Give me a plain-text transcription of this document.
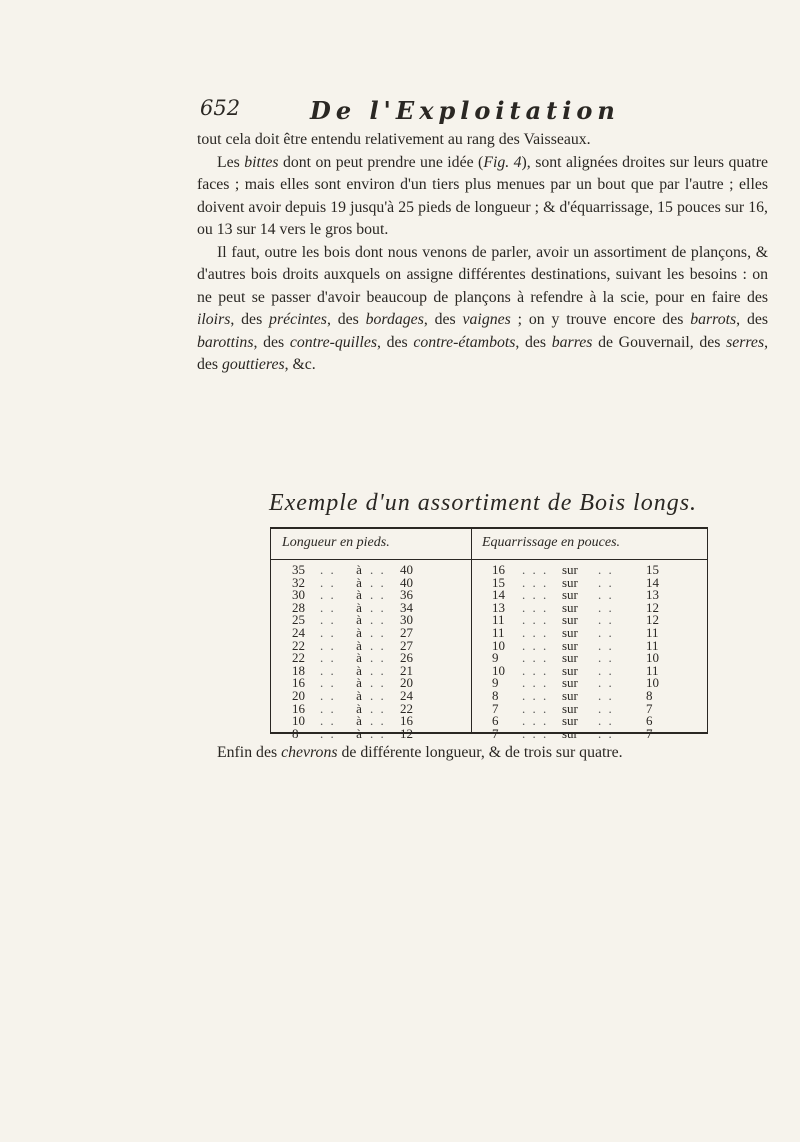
652	De l'Exploitation

tout cela doit être entendu relativement au rang des Vaisseaux.

Les bittes dont on peut prendre une idée (Fig. 4), sont alignées droites sur leurs quatre faces ; mais elles sont environ d'un tiers plus menues par un bout que par l'autre ; elles doivent avoir depuis 19 jusqu'à 25 pieds de longueur ; & d'équarrissage, 15 pouces sur 16, ou 13 sur 14 vers le gros bout.

Il faut, outre les bois dont nous venons de parler, avoir un assortiment de plançons, & d'autres bois droits auxquels on assigne différentes destinations, suivant les besoins : on ne peut se passer d'avoir beaucoup de plançons à refendre à la scie, pour en faire des iloirs, des précintes, des bordages, des vaignes ; on y trouve encore des barrots, des barottins, des contre-quilles, des contre-étambots, des barres de Gouvernail, des serres, des gouttieres, &c.

Exemple d'un assortiment de Bois longs.
Longueur en pieds.	Equarrissage en pouces.
35	. .	à . . 40	16	. . . sur	. . 15
32	. .	à . . 40	15	. . . sur	. . 14
30	. .	à . . 36	14	. . . sur	. . 13
28	. .	à . . 34	13	. . . sur	. . 12
25	. .	à . . 30	11	. . . sur	. . 12
24	. .	à . . 27	11	. . . sur	. . 11
22	. .	à . . 27	10	. . . sur	. . 11
22	. .	à . . 26	9	. . . sur	. . 10
18	. .	à . . 21	10	. . . sur	. . 11
16	. .	à . . 20	9	. . . sur	. . 10
20	. .	à . . 24	8	. . . sur	. . 8
16	. .	à . . 22	7	. . . sur	. . 7
10	. .	à . . 16	6	. . . sur	. . 6
8	. .	à . . 12	7	. . . sur	. . 7

Enfin des chevrons de différente longueur, & de trois sur quatre.
